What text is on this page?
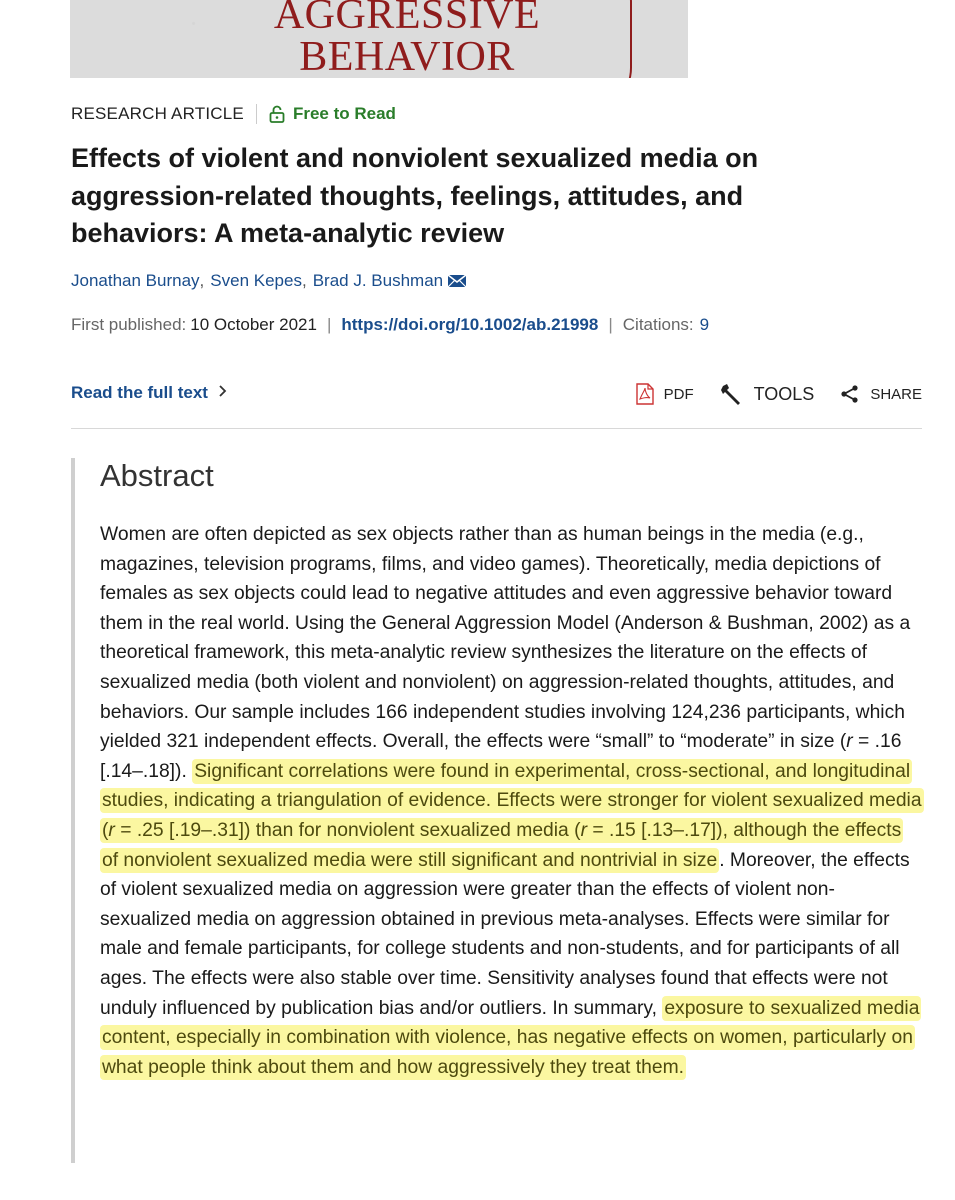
AGGRESSIVE
BEHAVIOR
RESEARCH ARTICLE	Free to Read
Effects of violent and nonviolent sexualized media on aggression-related thoughts, feelings, attitudes, and behaviors: A meta-analytic review
Jonathan Burnay , Sven Kepes , Brad J. Bushman
First published: 10 October 2021 | https://doi.org/10.1002/ab.21998 | Citations: 9
Read the full text	PDF	TOOLS	SHARE
Abstract
Women are often depicted as sex objects rather than as human beings in the media (e.g., magazines, television programs, films, and video games). Theoretically, media depictions of females as sex objects could lead to negative attitudes and even aggressive behavior toward them in the real world. Using the General Aggression Model (Anderson & Bushman, 2002) as a theoretical framework, this meta-analytic review synthesizes the literature on the effects of sexualized media (both violent and nonviolent) on aggression-related thoughts, attitudes, and behaviors. Our sample includes 166 independent studies involving 124,236 participants, which yielded 321 independent effects. Overall, the effects were “small” to “moderate” in size (r = .16 [.14–.18]). Significant correlations were found in experimental, cross-sectional, and longitudinal studies, indicating a triangulation of evidence. Effects were stronger for violent sexualized media (r = .25 [.19–.31]) than for nonviolent sexualized media (r = .15 [.13–.17]), although the effects of nonviolent sexualized media were still significant and nontrivial in size . Moreover, the effects of violent sexualized media on aggression were greater than the effects of violent non-sexualized media on aggression obtained in previous meta-analyses. Effects were similar for male and female participants, for college students and non-students, and for participants of all ages. The effects were also stable over time. Sensitivity analyses found that effects were not unduly influenced by publication bias and/or outliers. In summary, exposure to sexualized media content, especially in combination with violence, has negative effects on women, particularly on what people think about them and how aggressively they treat them.
